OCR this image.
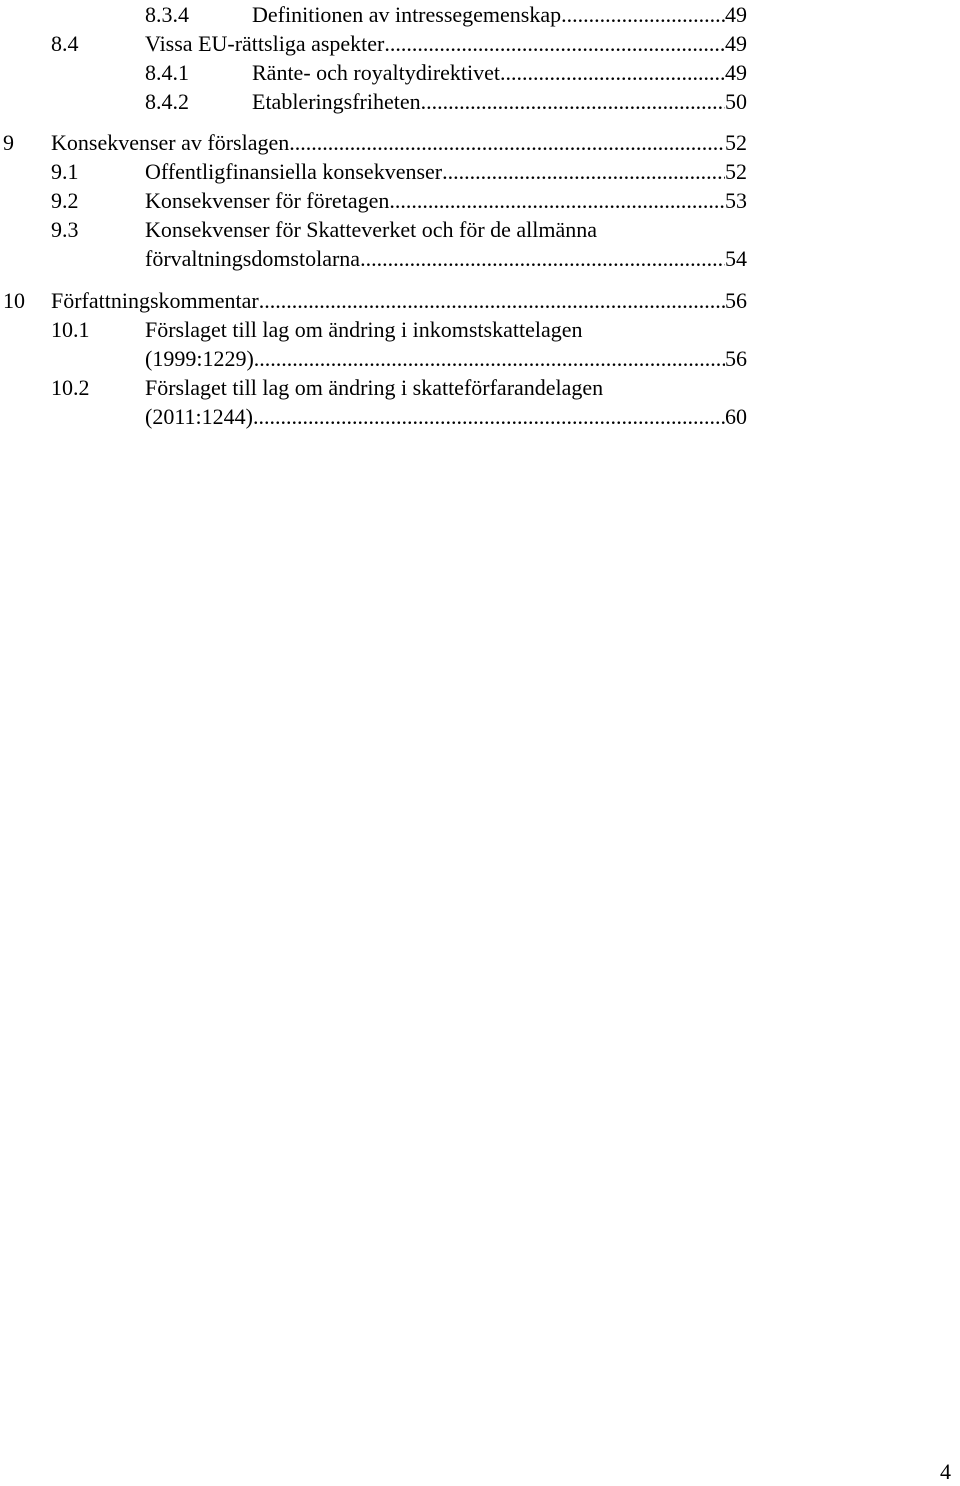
8.3.4	Definitionen av intressegemenskap .....	49
8.4	Vissa EU-rättsliga aspekter .....	49
8.4.1	Ränte- och royaltydirektivet .....	49
8.4.2	Etableringsfriheten .....	50
9 Konsekvenser av förslagen .....	52
9.1	Offentligfinansiella konsekvenser .....	52
9.2	Konsekvenser för företagen .....	53
9.3	Konsekvenser för Skatteverket och för de allmänna
förvaltningsdomstolarna .....	54
10 Författningskommentar .....	56
10.1	Förslaget till lag om ändring i inkomstskattelagen
(1999:1229) .....	56
10.2	Förslaget till lag om ändring i skatteförfarandelagen
(2011:1244) .....	60
4
